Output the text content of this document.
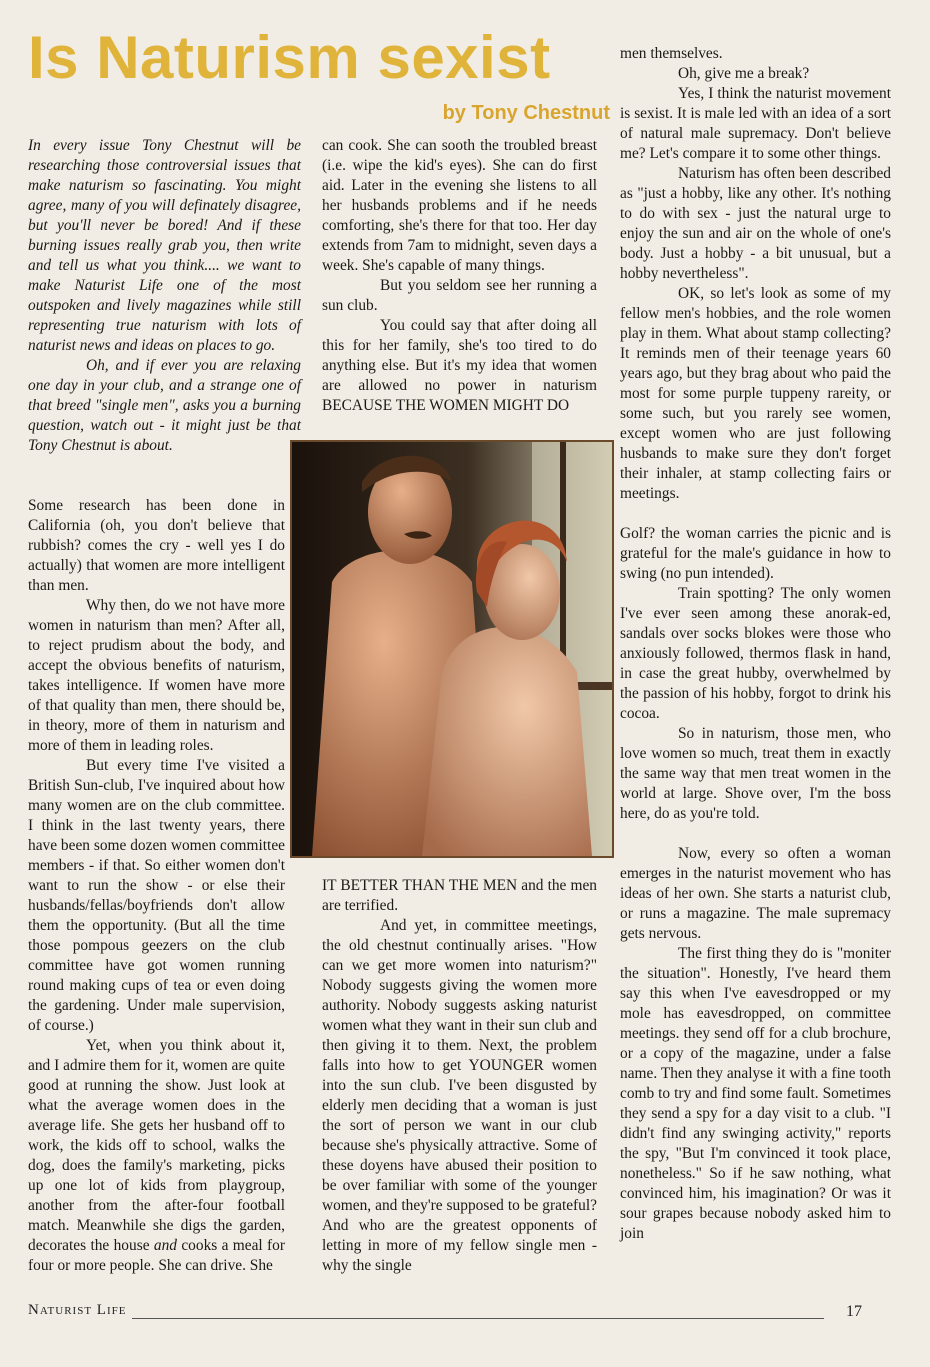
Is Naturism sexist
by Tony Chestnut

In every issue Tony Chestnut will be researching those controversial issues that make naturism so fascinating. You might agree, many of you will definately disagree, but you'll never be bored! And if these burning issues really grab you, then write and tell us what you think.... we want to make Naturist Life one of the most outspoken and lively magazines while still representing true naturism with lots of naturist news and ideas on places to go.

Oh, and if ever you are relaxing one day in your club, and a strange one of that breed "single men", asks you a burning question, watch out - it might just be that Tony Chestnut is about.

Some research has been done in California (oh, you don't believe that rubbish? comes the cry - well yes I do actually) that women are more intelligent than men.

Why then, do we not have more women in naturism than men? After all, to reject prudism about the body, and accept the obvious benefits of naturism, takes intelligence. If women have more of that quality than men, there should be, in theory, more of them in naturism and more of them in leading roles.

But every time I've visited a British Sun-club, I've inquired about how many women are on the club committee. I think in the last twenty years, there have been some dozen women committee members - if that. So either women don't want to run the show - or else their husbands/fellas/boyfriends don't allow them the opportunity. (But all the time those pompous geezers on the club committee have got women running round making cups of tea or even doing the gardening. Under male supervision, of course.)

Yet, when you think about it, and I admire them for it, women are quite good at running the show. Just look at what the average women does in the average life. She gets her husband off to work, the kids off to school, walks the dog, does the family's marketing, picks up one lot of kids from playgroup, another from the after-four football match. Meanwhile she digs the garden, decorates the house and cooks a meal for four or more people. She can drive. She

can cook. She can sooth the troubled breast (i.e. wipe the kid's eyes). She can do first aid. Later in the evening she listens to all her husbands problems and if he needs comforting, she's there for that too. Her day extends from 7am to midnight, seven days a week. She's capable of many things.

But you seldom see her running a sun club.

You could say that after doing all this for her family, she's too tired to do anything else. But it's my idea that women are allowed no power in naturism BECAUSE THE WOMEN MIGHT DO

IT BETTER THAN THE MEN and the men are terrified.

And yet, in committee meetings, the old chestnut continually arises. "How can we get more women into naturism?" Nobody suggests giving the women more authority. Nobody suggests asking naturist women what they want in their sun club and then giving it to them. Next, the problem falls into how to get YOUNGER women into the sun club. I've been disgusted by elderly men deciding that a woman is just the sort of person we want in our club because she's physically attractive. Some of these doyens have abused their position to be over familiar with some of the younger women, and they're supposed to be grateful? And who are the greatest opponents of letting in more of my fellow single men - why the single

men themselves.

Oh, give me a break?

Yes, I think the naturist movement is sexist. It is male led with an idea of a sort of natural male supremacy. Don't believe me? Let's compare it to some other things.

Naturism has often been described as "just a hobby, like any other. It's nothing to do with sex - just the natural urge to enjoy the sun and air on the whole of one's body. Just a hobby - a bit unusual, but a hobby nevertheless".

OK, so let's look as some of my fellow men's hobbies, and the role women play in them. What about stamp collecting? It reminds men of their teenage years 60 years ago, but they brag about who paid the most for some purple tuppeny rareity, or some such, but you rarely see women, except women who are just following husbands to make sure they don't forget their inhaler, at stamp collecting fairs or meetings.

Golf? the woman carries the picnic and is grateful for the male's guidance in how to swing (no pun intended).

Train spotting? The only women I've ever seen among these anorak-ed, sandals over socks blokes were those who anxiously followed, thermos flask in hand, in case the great hubby, overwhelmed by the passion of his hobby, forgot to drink his cocoa.

So in naturism, those men, who love women so much, treat them in exactly the same way that men treat women in the world at large. Shove over, I'm the boss here, do as you're told.

Now, every so often a woman emerges in the naturist movement who has ideas of her own. She starts a naturist club, or runs a magazine. The male supremacy gets nervous.

The first thing they do is "moniter the situation". Honestly, I've heard them say this when I've eavesdropped or my mole has eavesdropped, on committee meetings. they send off for a club brochure, or a copy of the magazine, under a false name. Then they analyse it with a fine tooth comb to try and find some fault. Sometimes they send a spy for a day visit to a club. "I didn't find any swinging activity," reports the spy, "But I'm convinced it took place, nonetheless." So if he saw nothing, what convinced him, his imagination? Or was it sour grapes because nobody asked him to join

Naturist Life	17
